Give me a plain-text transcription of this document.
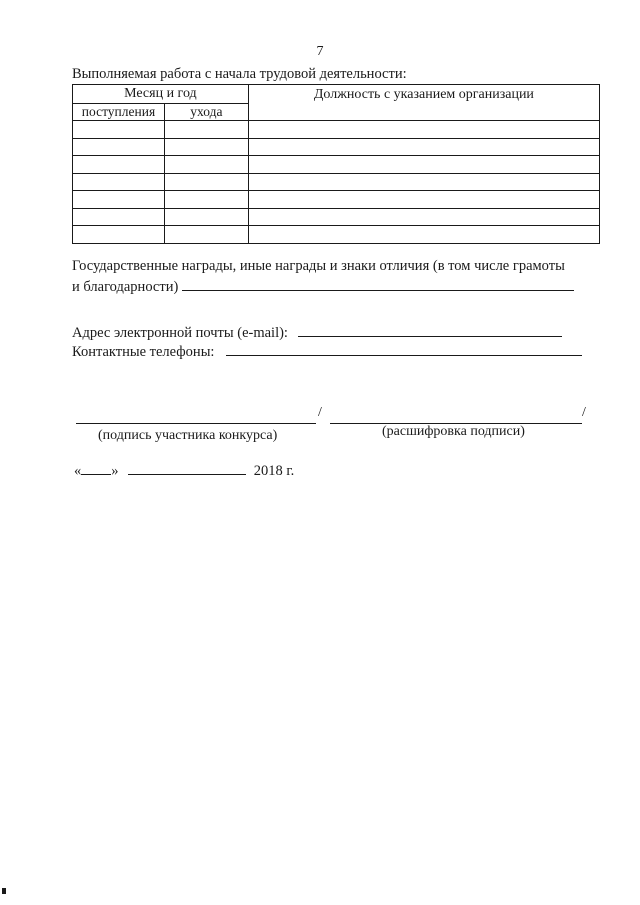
7
Выполняемая работа с начала трудовой деятельности:
Месяц и год		Должность с указанием организации
поступления	ухода	

Государственные награды, иные награды и знаки отличия (в том числе грамоты
и благодарности)
Адрес электронной почты (e-mail):
Контактные телефоны:
/	/
(подпись участника конкурса)	(расшифровка подписи)
« »	2018 г.
